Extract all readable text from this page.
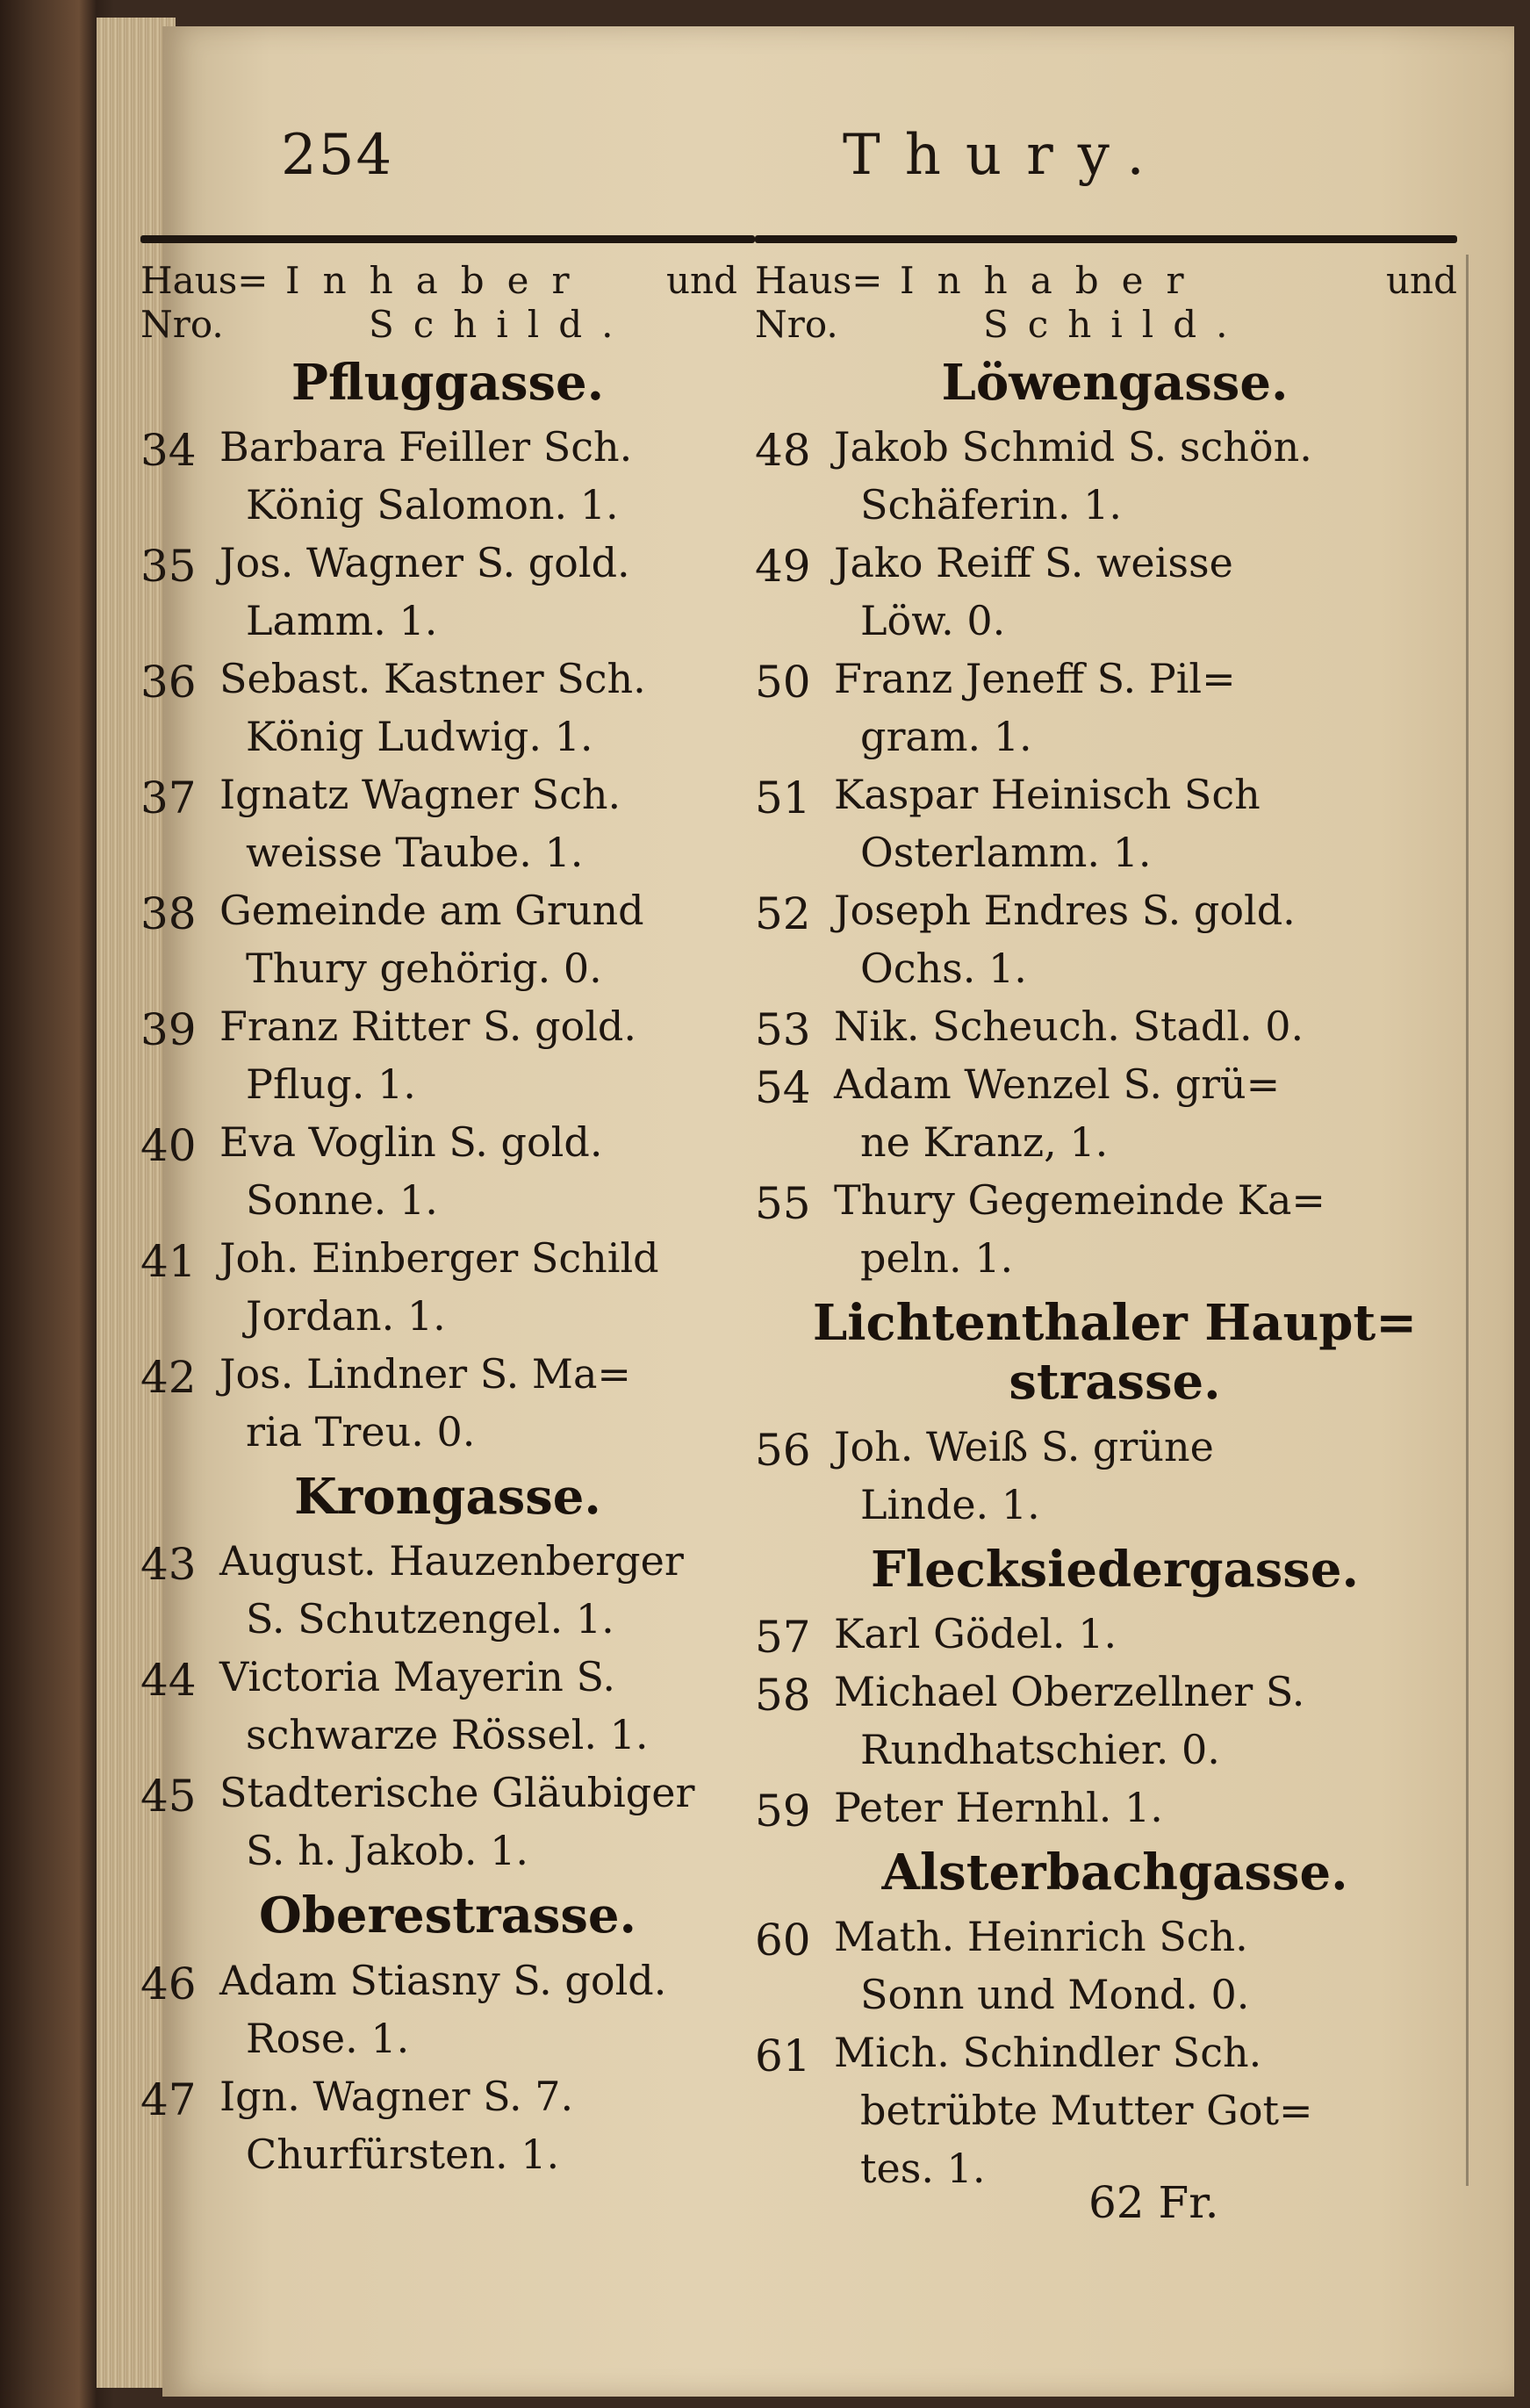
254	Thury.
Haus=
Nro.
Inhaber und
Schild.
Pfluggasse.
34 Barbara Feiller Sch.
König Salomon. 1.
35 Jos. Wagner S. gold.
Lamm. 1.
36 Sebast. Kastner Sch.
König Ludwig. 1.
37 Ignatz Wagner Sch.
weisse Taube. 1.
38 Gemeinde am Grund
Thury gehörig. 0.
39 Franz Ritter S. gold.
Pflug. 1.
40 Eva Voglin S. gold.
Sonne. 1.
41 Joh. Einberger Schild
Jordan. 1.
42 Jos. Lindner S. Ma=
ria Treu. 0.
Krongasse.
43 August. Hauzenberger
S. Schutzengel. 1.
44 Victoria Mayerin S.
schwarze Rössel. 1.
45 Stadterische Gläubiger
S. h. Jakob. 1.
Oberestrasse.
46 Adam Stiasny S. gold.
Rose. 1.
47 Ign. Wagner S. 7.
Churfürsten. 1.
Haus=
Nro.
Inhaber	und
Schild.
Löwengasse.
48 Jakob Schmid S. schön.
Schäferin. 1.
49 Jako Reiff S. weisse
Löw. 0.
50 Franz Jeneff S. Pil=
gram. 1.
51 Kaspar Heinisch Sch
Osterlamm. 1.
52 Joseph Endres S. gold.
Ochs. 1.
53 Nik. Scheuch. Stadl. 0.
54 Adam Wenzel S. grü=
ne Kranz, 1.
55 Thury Gegemeinde Ka=
peln. 1.
Lichtenthaler Haupt=
strasse.
56 Joh. Weiß S. grüne
Linde. 1.
Flecksiedergasse.
57 Karl Gödel. 1.
58 Michael Oberzellner S.
Rundhatschier. 0.
59 Peter Hernhl. 1.
Alsterbachgasse.
60 Math. Heinrich Sch.
Sonn und Mond. 0.
61 Mich. Schindler Sch.
betrübte Mutter Got=
tes. 1.
62 Fr.
